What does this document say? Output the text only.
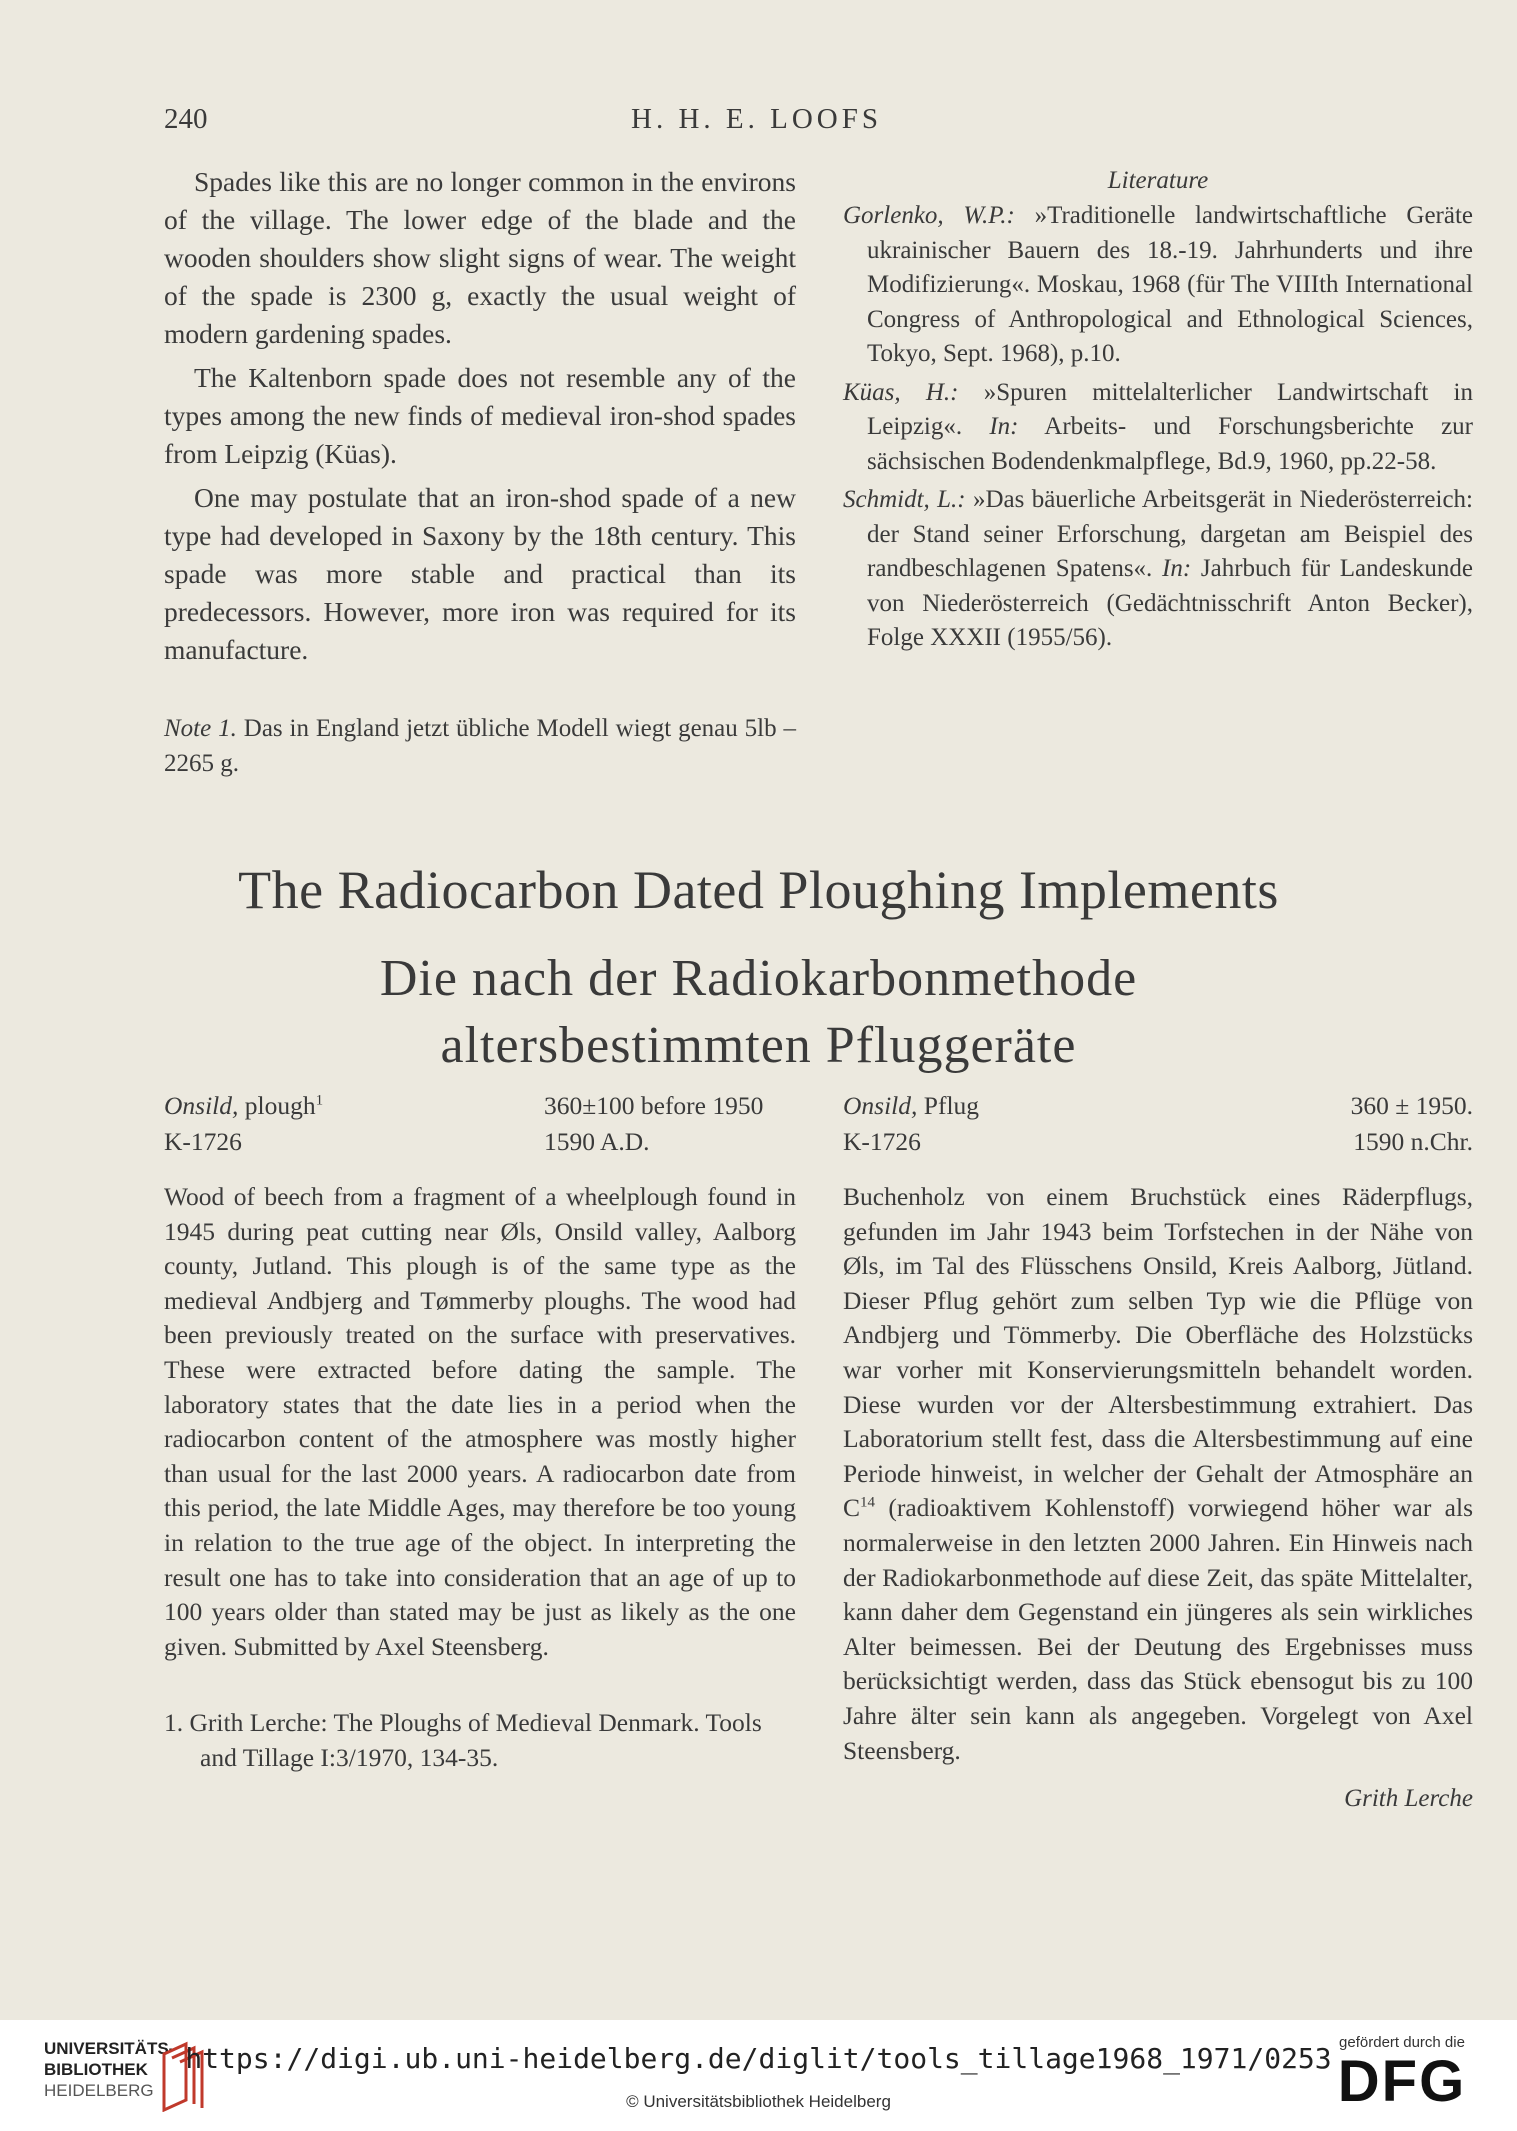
240	H. H. E. LOOFS

Spades like this are no longer common in the environs of the village. The lower edge of the blade and the wooden shoulders show slight signs of wear. The weight of the spade is 2300 g, exactly the usual weight of modern gardening spades.

The Kaltenborn spade does not resemble any of the types among the new finds of medieval iron-shod spades from Leipzig (Küas).

One may postulate that an iron-shod spade of a new type had developed in Saxony by the 18th century. This spade was more stable and practical than its predecessors. However, more iron was required for its manufacture.

Note 1. Das in England jetzt übliche Modell wiegt genau 5lb – 2265 g.

Literature

Gorlenko, W.P.: »Traditionelle landwirtschaftliche Geräte ukrainischer Bauern des 18.-19. Jahrhunderts und ihre Modifizierung«. Moskau, 1968 (für The VIIIth International Congress of Anthropological and Ethnological Sciences, Tokyo, Sept. 1968), p.10.

Küas, H.: »Spuren mittelalterlicher Landwirtschaft in Leipzig«. In: Arbeits- und Forschungsberichte zur sächsischen Bodendenkmalpflege, Bd.9, 1960, pp.22-58.

Schmidt, L.: »Das bäuerliche Arbeitsgerät in Niederösterreich: der Stand seiner Erforschung, dargetan am Beispiel des randbeschlagenen Spatens«. In: Jahrbuch für Landeskunde von Niederösterreich (Gedächtnisschrift Anton Becker), Folge XXXII (1955/56).

The Radiocarbon Dated Ploughing Implements
Die nach der Radiokarbonmethode
altersbestimmten Pfluggeräte
Onsild, plough$^1$
K-1726
360±100 before 1950
1590 A.D.
Onsild, Pflug
K-1726
360 ± 1950.
1590 n.Chr.

Wood of beech from a fragment of a wheelplough found in 1945 during peat cutting near Øls, Onsild valley, Aalborg county, Jutland. This plough is of the same type as the medieval Andbjerg and Tømmerby ploughs. The wood had been previously treated on the surface with preservatives. These were extracted before dating the sample. The laboratory states that the date lies in a period when the radiocarbon content of the atmosphere was mostly higher than usual for the last 2000 years. A radiocarbon date from this period, the late Middle Ages, may therefore be too young in relation to the true age of the object. In interpreting the result one has to take into consideration that an age of up to 100 years older than stated may be just as likely as the one given. Submitted by Axel Steensberg.

1. Grith Lerche: The Ploughs of Medieval Denmark. Tools and Tillage I:3/1970, 134-35.

Buchenholz von einem Bruchstück eines Räderpflugs, gefunden im Jahr 1943 beim Torfstechen in der Nähe von Øls, im Tal des Flüsschens Onsild, Kreis Aalborg, Jütland. Dieser Pflug gehört zum selben Typ wie die Pflüge von Andbjerg und Tömmerby. Die Oberfläche des Holzstücks war vorher mit Konservierungsmitteln behandelt worden. Diese wurden vor der Altersbestimmung extrahiert. Das Laboratorium stellt fest, dass die Altersbestimmung auf eine Periode hinweist, in welcher der Gehalt der Atmosphäre an $C^{14}$ (radioaktivem Kohlenstoff) vorwiegend höher war als normalerweise in den letzten 2000 Jahren. Ein Hinweis nach der Radiokarbonmethode auf diese Zeit, das späte Mittelalter, kann daher dem Gegenstand ein jüngeres als sein wirkliches Alter beimessen. Bei der Deutung des Ergebnisses muss berücksichtigt werden, dass das Stück ebensogut bis zu 100 Jahre älter sein kann als angegeben. Vorgelegt von Axel Steensberg.

Grith Lerche
UNIVERSITÄTS-
BIBLIOTHEK
HEIDELBERG
https://digi.ub.uni-heidelberg.de/diglit/tools_tillage1968_1971/0253
© Universitätsbibliothek Heidelberg
gefördert durch die
DFG
